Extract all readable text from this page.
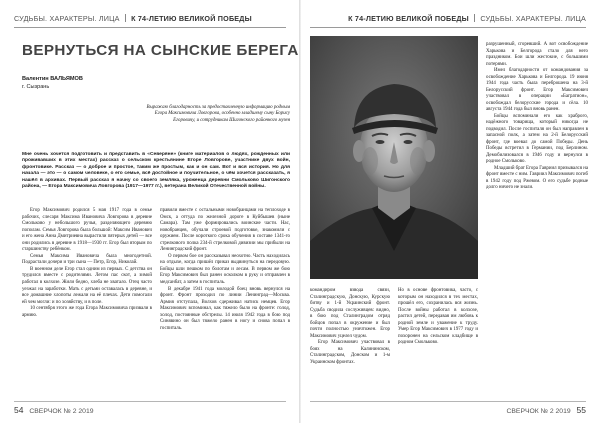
СУДЬБЫ. ХАРАКТЕРЫ. ЛИЦА К 74-ЛЕТИЮ ВЕЛИКОЙ ПОБЕДЫ
ВЕРНУТЬСЯ НА СЫНСКИЕ БЕРЕГА
Валентин ВАЛЬЯМОВ
г. Сызрань
Выражаю благодарность за предоставленную информацию родным Егора Максимовича Ловгорова, особенно младшему сыну Борису Егоровичу, и сотрудникам Шигонского районного музея
Мне очень хочется подготовить и представить в «Северяне» (книге материалов о людях, рожденных или проживавших в этих местах) рассказ о сельском крестьянине Егоре Ловгорове, участнике двух войн, фронтовике. Рассказ — о доброе и простое, таким же простым, как и он сам. Вот и вся история. Но для начала — это — о самом человеке, о его семье, всё достойное и поучительное, о чём хочется рассказать, я нашёл в архивах. Первый рассказ я начну со своего земляка, уроженца деревни Смольково Шигонского района, — Егора Максимовича Ловгорова (1917—1977 гг.), ветерана Великой Отечественной войны.

Егор Максимович родился 5 мая 1917 года в семье рабочих, слесаря Максима Ивановича Ловгорова в деревне Смольково у небольшого ручья, разделяющего деревню пополам. Семья Ловгорова была большой: Максим Иванович и его жена Анна Дмитриевна вырастили пятерых детей — все они родились в деревне в 1918—1930 гг. Егор был вторым по старшинству ребёнком.

Семья Максима Ивановича была многодетной. Подрастали дочери и три сына — Петр, Егор, Николай.

В военном деле Егор стал одним из первых. С детства он трудился вместе с родителями. Летом пас скот, а зимой работал в колхозе. Жили бедно, хлеба не хватало. Отец часто уезжал на заработки. Мать с детьми оставалась в деревне, и все домашние хлопоты лежали на её плечах. Дети помогали ей чем могли: и по хозяйству, и в поле.

10 сентября этого же года Егора Максимовича призвали в армию.

правили вместе с остальными новобранцами на теплоходе в Омск, а оттуда по железной дороге в Куйбышев (ныне Самара). Там уже формировались воинские части. Нас, новобранцев, обучали строевой подготовке, знакомили с оружием. После короткого срока обучения в составе 1341-го стрелкового полка 234-й стрелковой дивизии мы прибыли на Ленинградский фронт.

О первом бое он рассказывал неохотно. Часть находилась на отдыхе, когда пришёл приказ выдвинуться на передовую. Бойцы шли пешком по болотам и лесам. В первом же бою Егор Максимович был ранен осколком в руку и отправлен в медсанбат, а затем в госпиталь.

В декабре 1941 года молодой боец вновь вернулся на фронт. Фронт проходил по линии Ленинград—Москва. Армия отступала, Волхов сдерживал натиск немцев. Егор Максимович вспоминал, как тяжело было на фронте: голод, холод, постоянные обстрелы. 14 июля 1942 года в бою под Синявино он был тяжело ранен в ногу и снова попал в госпиталь.

54 СВЕРЧОК № 2 2019
К 74-ЛЕТИЮ ВЕЛИКОЙ ПОБЕДЫ СУДЬБЫ. ХАРАКТЕРЫ. ЛИЦА

разрушенный, сгоревший. А вот освобождение Харькова и Белгорода стало для него праздником. Бои шли жестокие, с большими потерями.

Имел благодарности от командования за освобождение Харькова и Белгорода. 19 июня 1944 года часть была переброшена на 3-й Белорусский фронт. Егор Максимович участвовал в операции «Багратион», освобождал белорусские города и сёла. 10 августа 1944 года был вновь ранен.

Бойцы вспоминали его как храброго, надёжного товарища, который никогда не подводил. После госпиталя он был направлен в запасной полк, а затем на 2-й Белорусский фронт, где воевал до самой Победы. День Победы встретил в Германии, под Берлином. Демобилизовался в 1946 году и вернулся в родное Смольково.

Младший брат Егора Гавриил призывался на фронт вместе с ним. Гавриил Максимович погиб в 1942 году под Ржевом. О его судьбе родные долго ничего не знали.

командиром взвода связи, Сталинградскую, Донскую, Курскую битву и 1-й Украинский фронт. Судьба сводила сослуживцев: видно, в бою под Сталинградом отряд бойцов попал в окружение и был почти полностью уничтожен. Егор Максимович уцелел чудом.

Егор Максимович участвовал в боях на Калининском, Сталинградском, Донском и 1-м Украинском фронтах.

Но в основе фронтовика, часто, с которым он находился в тех местах, прошёл его, сохранилась вся жизнь. После войны работал в колхозе, растил детей, передавая им любовь к родной земле и уважение к труду. Умер Егор Максимович в 1977 году и похоронен на сельском кладбище в родном Смольково.

СВЕРЧОК № 2 2019 55
